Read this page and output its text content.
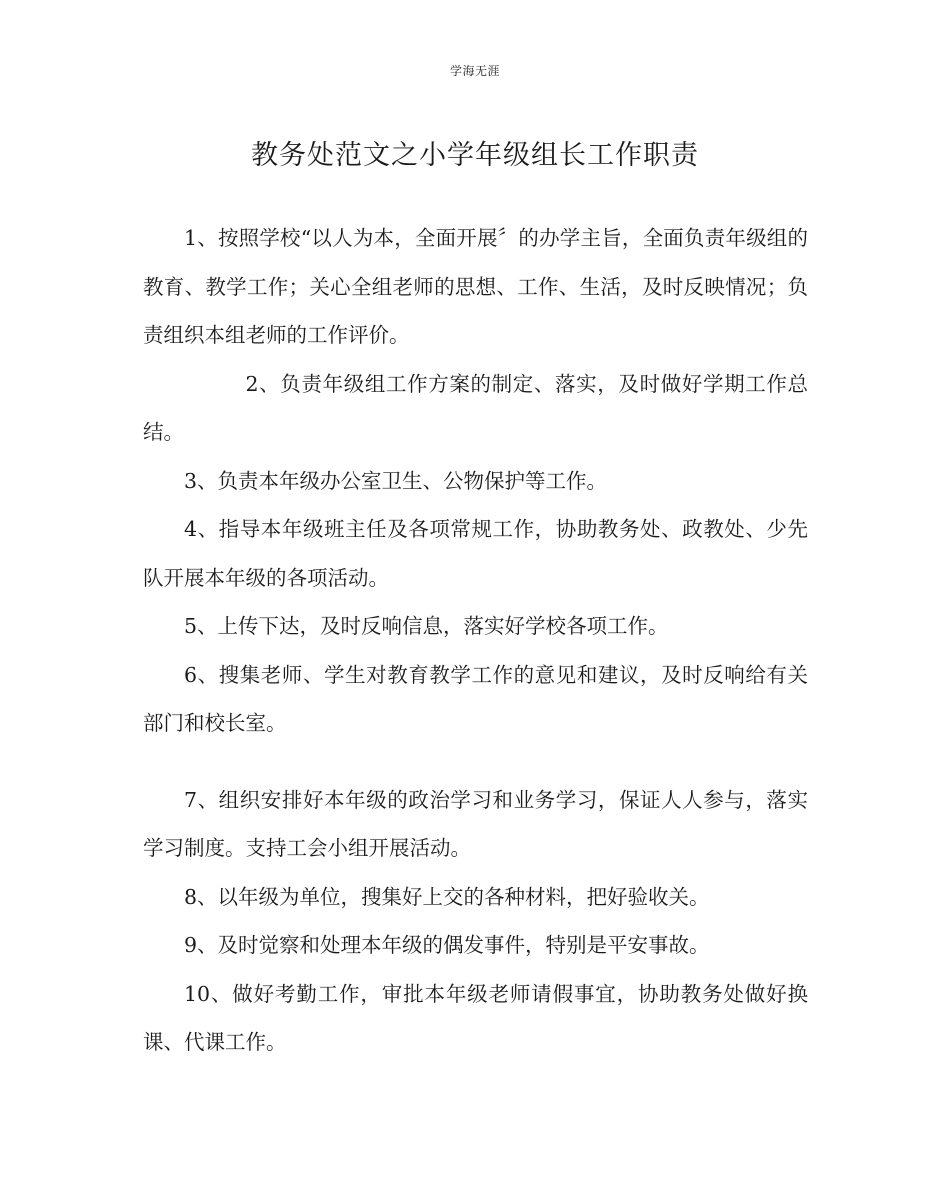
学海无涯
教务处范文之小学年级组长工作职责

1、按照学校“以人为本，全面开展〞的办学主旨，全面负责年级组的教育、教学工作；关心全组老师的思想、工作、生活，及时反映情况；负责组织本组老师的工作评价。

2、负责年级组工作方案的制定、落实，及时做好学期工作总结。

3、负责本年级办公室卫生、公物保护等工作。

4、指导本年级班主任及各项常规工作，协助教务处、政教处、少先队开展本年级的各项活动。

5、上传下达，及时反响信息，落实好学校各项工作。

6、搜集老师、学生对教育教学工作的意见和建议，及时反响给有关部门和校长室。

7、组织安排好本年级的政治学习和业务学习，保证人人参与，落实学习制度。支持工会小组开展活动。

8、以年级为单位，搜集好上交的各种材料，把好验收关。

9、及时觉察和处理本年级的偶发事件，特别是平安事故。

10、做好考勤工作，审批本年级老师请假事宜，协助教务处做好换课、代课工作。
